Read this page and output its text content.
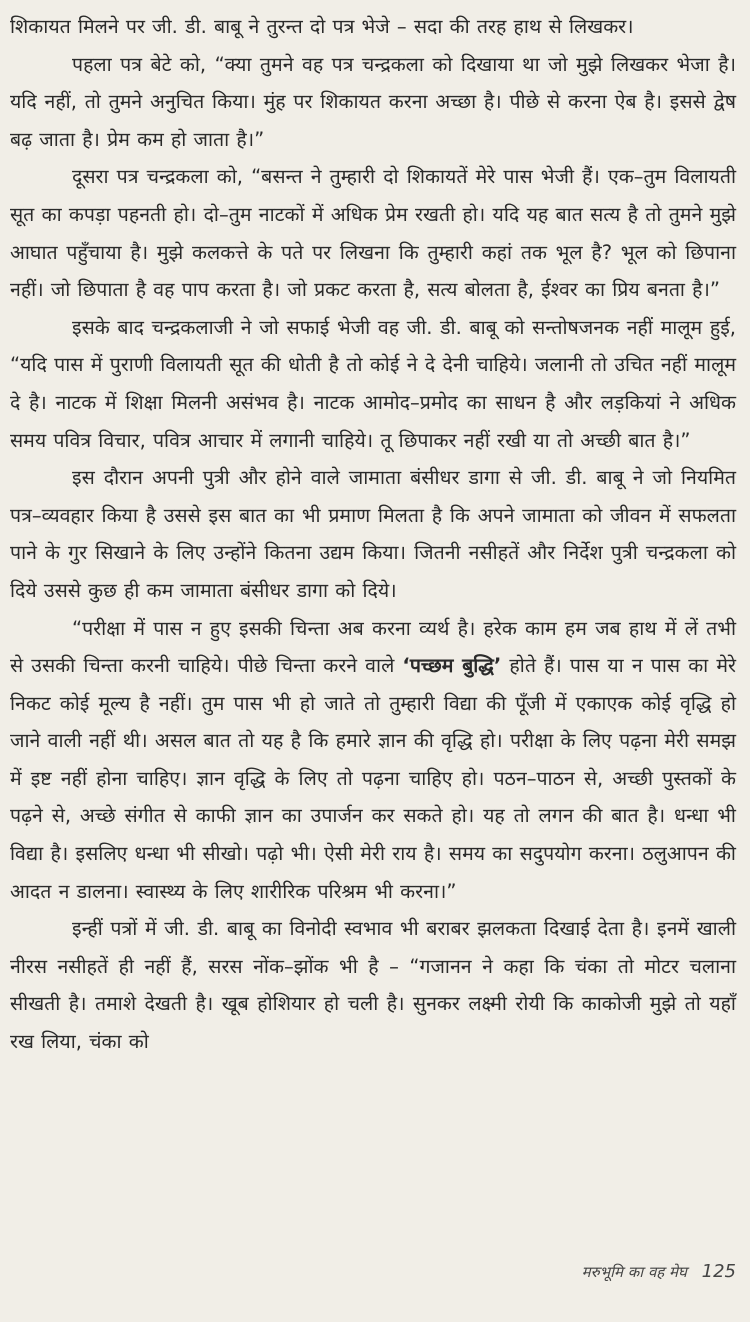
शिकायत मिलने पर जी. डी. बाबू ने तुरन्त दो पत्र भेजे – सदा की तरह हाथ से लिखकर।

पहला पत्र बेटे को, “क्या तुमने वह पत्र चन्द्रकला को दिखाया था जो मुझे लिखकर भेजा है। यदि नहीं, तो तुमने अनुचित किया। मुंह पर शिकायत करना अच्छा है। पीछे से करना ऐब है। इससे द्वेष बढ़ जाता है। प्रेम कम हो जाता है।”

दूसरा पत्र चन्द्रकला को, “बसन्त ने तुम्हारी दो शिकायतें मेरे पास भेजी हैं। एक–तुम विलायती सूत का कपड़ा पहनती हो। दो–तुम नाटकों में अधिक प्रेम रखती हो। यदि यह बात सत्य है तो तुमने मुझे आघात पहुँचाया है। मुझे कलकत्ते के पते पर लिखना कि तुम्हारी कहां तक भूल है? भूल को छिपाना नहीं। जो छिपाता है वह पाप करता है। जो प्रकट करता है, सत्य बोलता है, ईश्वर का प्रिय बनता है।”

इसके बाद चन्द्रकलाजी ने जो सफाई भेजी वह जी. डी. बाबू को सन्तोषजनक नहीं मालूम हुई, “यदि पास में पुराणी विलायती सूत की धोती है तो कोई ने दे देनी चाहिये। जलानी तो उचित नहीं मालूम दे है। नाटक में शिक्षा मिलनी असंभव है। नाटक आमोद–प्रमोद का साधन है और लड़कियां ने अधिक समय पवित्र विचार, पवित्र आचार में लगानी चाहिये। तू छिपाकर नहीं रखी या तो अच्छी बात है।”

इस दौरान अपनी पुत्री और होने वाले जामाता बंसीधर डागा से जी. डी. बाबू ने जो नियमित पत्र–व्यवहार किया है उससे इस बात का भी प्रमाण मिलता है कि अपने जामाता को जीवन में सफलता पाने के गुर सिखाने के लिए उन्होंने कितना उद्यम किया। जितनी नसीहतें और निर्देश पुत्री चन्द्रकला को दिये उससे कुछ ही कम जामाता बंसीधर डागा को दिये।

“परीक्षा में पास न हुए इसकी चिन्ता अब करना व्यर्थ है। हरेक काम हम जब हाथ में लें तभी से उसकी चिन्ता करनी चाहिये। पीछे चिन्ता करने वाले ‘पच्छम बुद्धि’ होते हैं। पास या न पास का मेरे निकट कोई मूल्य है नहीं। तुम पास भी हो जाते तो तुम्हारी विद्या की पूँजी में एकाएक कोई वृद्धि हो जाने वाली नहीं थी। असल बात तो यह है कि हमारे ज्ञान की वृद्धि हो। परीक्षा के लिए पढ़ना मेरी समझ में इष्ट नहीं होना चाहिए। ज्ञान वृद्धि के लिए तो पढ़ना चाहिए हो। पठन–पाठन से, अच्छी पुस्तकों के पढ़ने से, अच्छे संगीत से काफी ज्ञान का उपार्जन कर सकते हो। यह तो लगन की बात है। धन्धा भी विद्या है। इसलिए धन्धा भी सीखो। पढ़ो भी। ऐसी मेरी राय है। समय का सदुपयोग करना। ठलुआपन की आदत न डालना। स्वास्थ्य के लिए शारीरिक परिश्रम भी करना।”

इन्हीं पत्रों में जी. डी. बाबू का विनोदी स्वभाव भी बराबर झलकता दिखाई देता है। इनमें खाली नीरस नसीहतें ही नहीं हैं, सरस नोंक–झोंक भी है – “गजानन ने कहा कि चंका तो मोटर चलाना सीखती है। तमाशे देखती है। खूब होशियार हो चली है। सुनकर लक्ष्मी रोयी कि काकोजी मुझे तो यहाँ रख लिया, चंका को

मरुभूमि का वह मेघ 125
